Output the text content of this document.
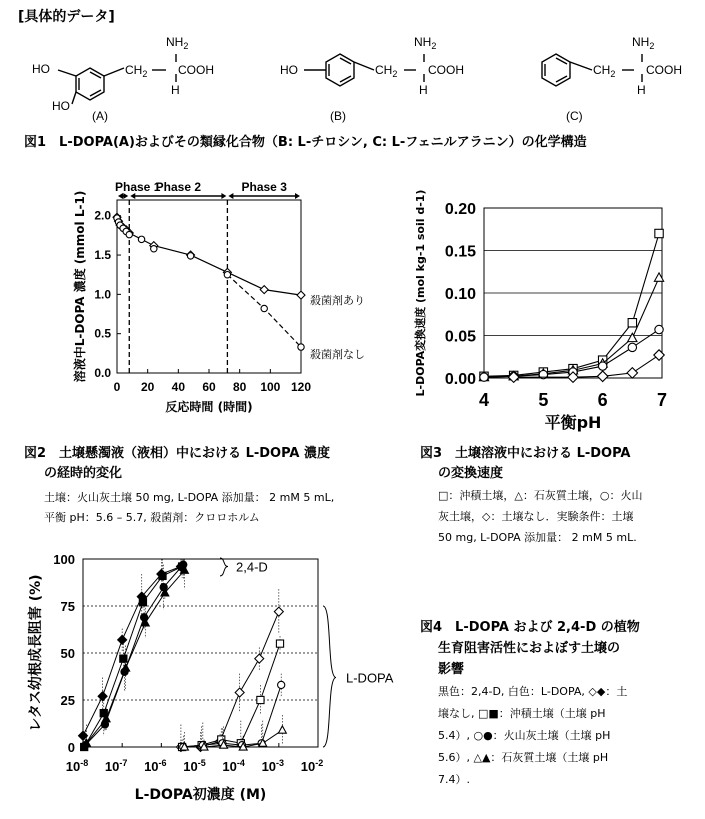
[具体的データ]
$NH_2$
$CH_2$	COOH
H
HO
HO
(A)
$NH_2$
$CH_2$	COOH
H
HO
(B)
$NH_2$
$CH_2$	COOH
H
(C)
図1　L-DOPA(A)およびその類縁化合物（B: L-チロシン, C: L-フェニルアラニン）の化学構造
0.0
0.5
1.0
1.5
2.0
0 20 40 60 80 100 120
Phase 1
Phase 2	Phase 3
殺菌剤あり
殺菌剤なし
反応時間 (時間)
溶液中L-DOPA 濃度 (mmol L-1)
図2　土壌懸濁液（液相）中における L-DOPA 濃度
の経時的変化
土壌：火山灰土壌 50 mg, L-DOPA 添加量： 2 mM 5 mL,
平衡 pH：5.6 – 5.7, 殺菌剤：クロロホルム
0.00
0.05
0.10
0.15
0.20
4	5	6	7
平衡pH
L-DOPA変換速度 (mol kg-1 soil d-1)
図3　土壌溶液中における L-DOPA
の変換速度
□：沖積土壌，△：石灰質土壌，○：火山
灰土壌，◇：土壌なし．実験条件：土壌
50 mg, L-DOPA 添加量： 2 mM 5 mL.
0
25
50
75
100
$10^{-8}$ $10^{-7}$ $10^{-6}$ $10^{-5}$ $10^{-4}$ $10^{-3}$ $10^{-2}$
2,4-D
L-DOPA
L-DOPA初濃度 (M)
レタス幼根成長阻害 (%)	図4　L-DOPA および 2,4-D の植物
生育阻害活性におよぼす土壌の
影響
黒色：2,4-D, 白色：L-DOPA, ◇◆：土
壌なし, □■：沖積土壌（土壌 pH
5.4）, ○●：火山灰土壌（土壌 pH
5.6）, △▲：石灰質土壌（土壌 pH
7.4）.
